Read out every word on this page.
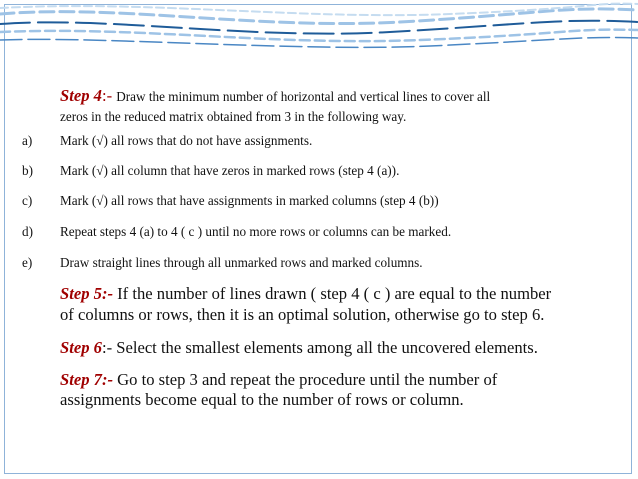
Step 4:- Draw the minimum number of horizontal and vertical lines to cover all
zeros in the reduced matrix obtained from 3 in the following way.
a) Mark (√) all rows that do not have assignments.
b) Mark (√) all column that have zeros in marked rows (step 4 (a)).
c) Mark (√) all rows that have assignments in marked columns (step 4 (b))
d) Repeat steps 4 (a) to 4 ( c ) until no more rows or columns can be marked.
e) Draw straight lines through all unmarked rows and marked columns.
Step 5:- If the number of lines drawn ( step 4 ( c ) are equal to the number
of columns or rows, then it is an optimal solution, otherwise go to step 6.
Step 6:- Select the smallest elements among all the uncovered elements.
Step 7:- Go to step 3 and repeat the procedure until the number of
assignments become equal to the number of rows or column.
